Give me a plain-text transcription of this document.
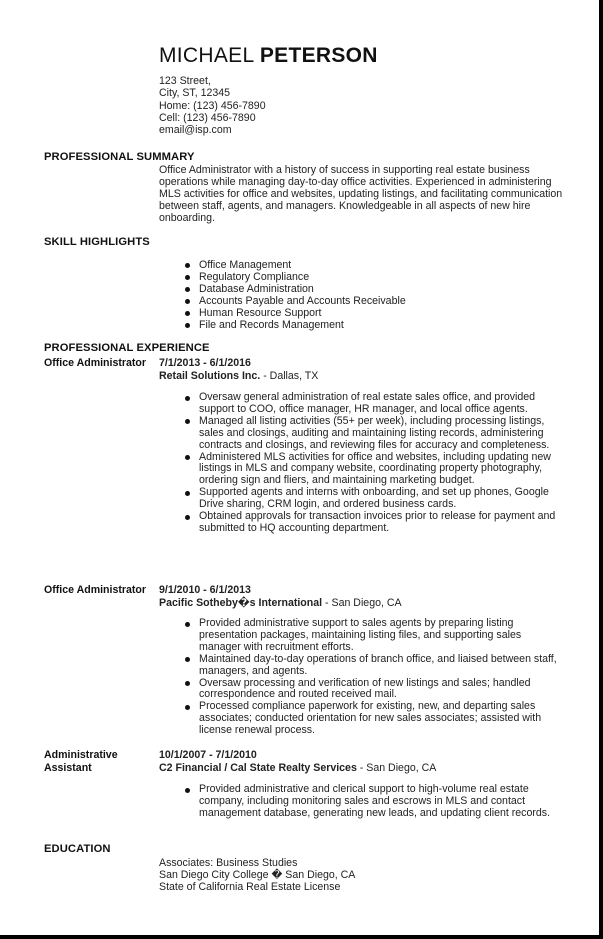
MICHAEL PETERSON
123 Street,
City, ST, 12345
Home: (123) 456-7890
Cell: (123) 456-7890
email@isp.com
PROFESSIONAL SUMMARY
Office Administrator with a history of success in supporting real estate business operations while managing day-to-day office activities. Experienced in administering MLS activities for office and websites, updating listings, and facilitating communication between staff, agents, and managers. Knowledgeable in all aspects of new hire onboarding.
SKILL HIGHLIGHTS
Office Management
Regulatory Compliance
Database Administration
Accounts Payable and Accounts Receivable
Human Resource Support
File and Records Management
PROFESSIONAL EXPERIENCE
Office Administrator	7/1/2013 - 6/1/2016
Retail Solutions Inc. - Dallas, TX
Oversaw general administration of real estate sales office, and provided support to COO, office manager, HR manager, and local office agents.
Managed all listing activities (55+ per week), including processing listings, sales and closings, auditing and maintaining listing records, administering contracts and closings, and reviewing files for accuracy and completeness.
Administered MLS activities for office and websites, including updating new listings in MLS and company website, coordinating property photography, ordering sign and fliers, and maintaining marketing budget.
Supported agents and interns with onboarding, and set up phones, Google Drive sharing, CRM login, and ordered business cards.
Obtained approvals for transaction invoices prior to release for payment and submitted to HQ accounting department.
Office Administrator	9/1/2010 - 6/1/2013
Pacific Sotheby�s International - San Diego, CA
Provided administrative support to sales agents by preparing listing presentation packages, maintaining listing files, and supporting sales manager with recruitment efforts.
Maintained day-to-day operations of branch office, and liaised between staff, managers, and agents.
Oversaw processing and verification of new listings and sales; handled correspondence and routed received mail.
Processed compliance paperwork for existing, new, and departing sales associates; conducted orientation for new sales associates; assisted with license renewal process.
Administrative Assistant
10/1/2007 - 7/1/2010
C2 Financial / Cal State Realty Services - San Diego, CA
Provided administrative and clerical support to high-volume real estate company, including monitoring sales and escrows in MLS and contact management database, generating new leads, and updating client records.
EDUCATION
Associates: Business Studies
San Diego City College � San Diego, CA
State of California Real Estate License
